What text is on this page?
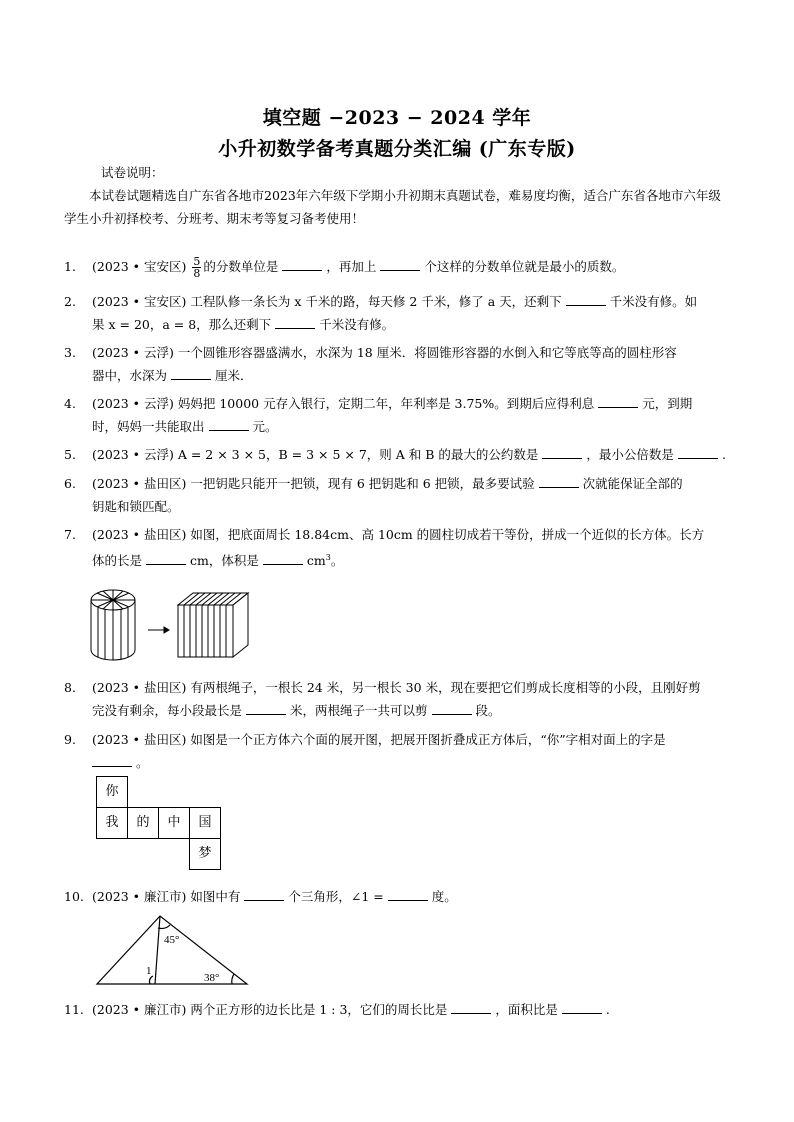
填空题 −2023 − 2024 学年
小升初数学备考真题分类汇编 (广东专版)
试卷说明：

本试卷试题精选自广东省各地市2023年六年级下学期小升初期末真题试卷，难易度均衡，适合广东省各地市六年级学生小升初择校考、分班考、期末考等复习备考使用！

1. (2023 • 宝安区) $\frac{5}{8}$ 的分数单位是	，再加上	个这样的分数单位就是最小的质数。

2. (2023 • 宝安区) 工程队修一条长为 x 千米的路，每天修 2 千米，修了 a 天，还剩下	千米没有修。如
果 x = 20，a = 8，那么还剩下	千米没有修。

3. (2023 • 云浮) 一个圆锥形容器盛满水，水深为 18 厘米．将圆锥形容器的水倒入和它等底等高的圆柱形容
器中，水深为	厘米．

4. (2023 • 云浮) 妈妈把 10000 元存入银行，定期二年，年利率是 3.75%。到期后应得利息	元，到期
时，妈妈一共能取出	元。

5. (2023 • 云浮) A = 2 × 3 × 5，B = 3 × 5 × 7，则 A 和 B 的最大的公约数是	，最小公倍数是	.

6. (2023 • 盐田区) 一把钥匙只能开一把锁，现有 6 把钥匙和 6 把锁，最多要试验	次就能保证全部的
钥匙和锁匹配。

7. (2023 • 盐田区) 如图，把底面周长 18.84cm、高 10cm 的圆柱切成若干等份，拼成一个近似的长方体。长方
体的长是	cm，体积是	$cm^3$。

8. (2023 • 盐田区) 有两根绳子，一根长 24 米，另一根长 30 米，现在要把它们剪成长度相等的小段，且刚好剪
完没有剩余，每小段最长是	米，两根绳子一共可以剪	段。

9. (2023 • 盐田区) 如图是一个正方体六个面的展开图，把展开图折叠成正方体后，“你”字相对面上的字是
。

你
我	的	中	国
梦

10. (2023 • 廉江市) 如图中有	个三角形，∠1 =	度。

45°
38°
1

11. (2023 • 廉江市) 两个正方形的边长比是 1 : 3，它们的周长比是	，面积比是	.
